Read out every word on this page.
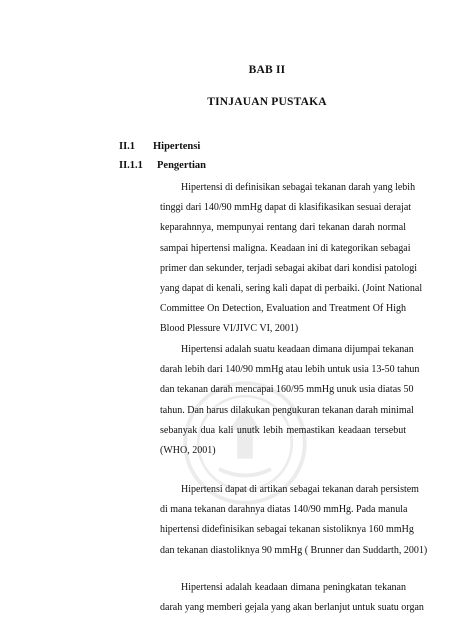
BAB II
TINJAUAN PUSTAKA
II.1 Hipertensi
II.1.1 Pengertian
Hipertensi di definisikan sebagai tekanan darah yang lebih
tinggi dari 140/90 mmHg dapat di klasifikasikan sesuai derajat
keparahnnya, mempunyai rentang dari tekanan darah normal
sampai hipertensi maligna. Keadaan ini di kategorikan sebagai
primer dan sekunder, terjadi sebagai akibat dari kondisi patologi
yang dapat di kenali, sering kali dapat di perbaiki. (Joint National
Committee On Detection, Evaluation and Treatment Of High
Blood Plessure VI/JIVC VI, 2001)
Hipertensi adalah suatu keadaan dimana dijumpai tekanan
darah lebih dari 140/90 mmHg atau lebih untuk usia 13-50 tahun
dan tekanan darah mencapai 160/95 mmHg unuk usia diatas 50
tahun. Dan harus dilakukan pengukuran tekanan darah minimal
sebanyak dua kali unutk lebih memastikan keadaan tersebut
(WHO, 2001)
Hipertensi dapat di artikan sebagai tekanan darah persistem
di mana tekanan darahnya diatas 140/90 mmHg. Pada manula
hipertensi didefinisikan sebagai tekanan sistoliknya 160 mmHg
dan tekanan diastoliknya 90 mmHg ( Brunner dan Suddarth, 2001)
Hipertensi adalah keadaan dimana peningkatan tekanan
darah yang memberi gejala yang akan berlanjut untuk suatu organ
